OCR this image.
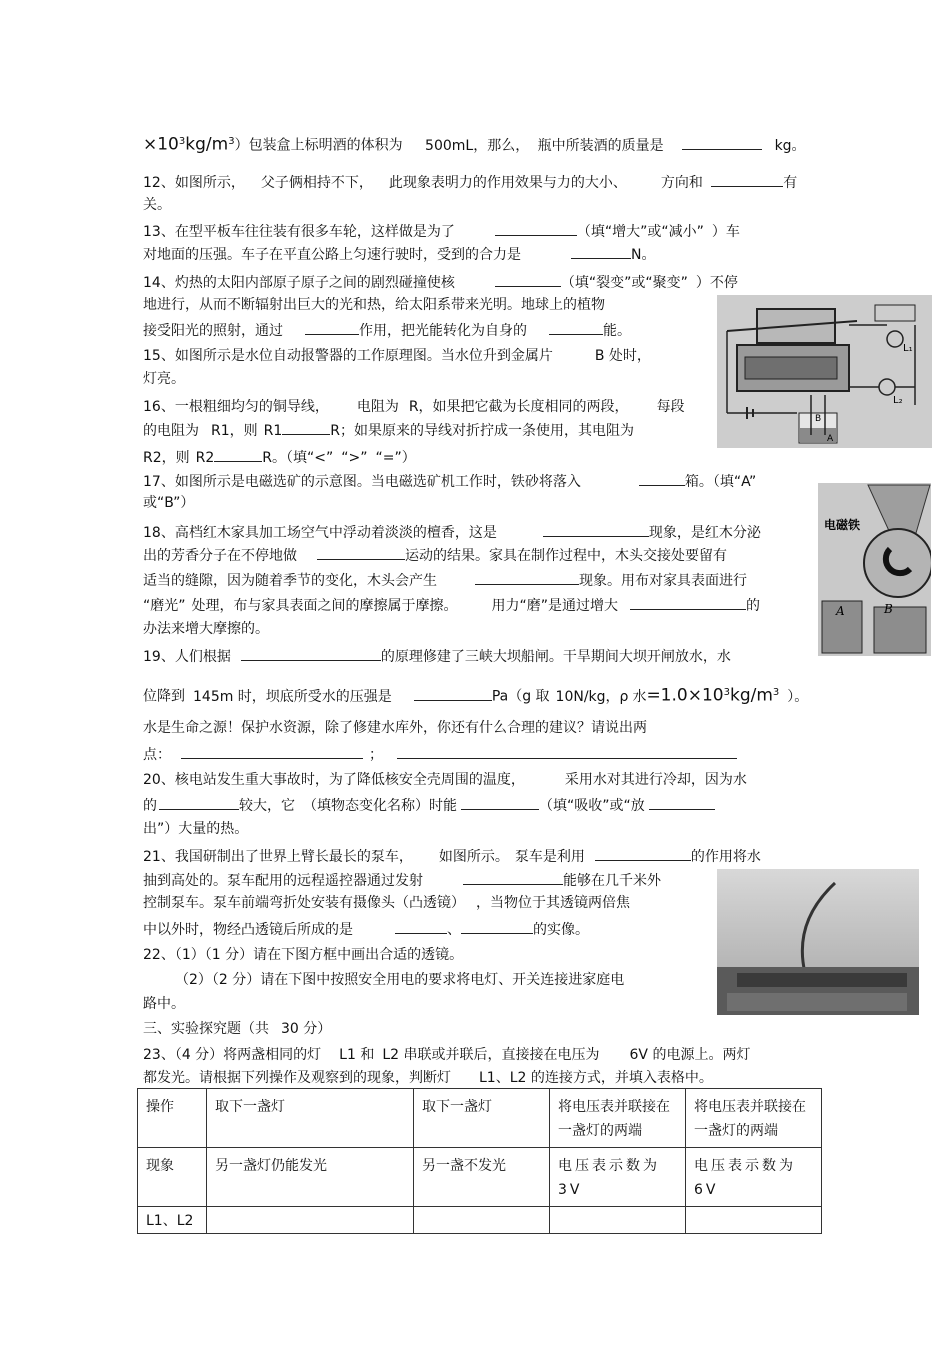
$\times 10^3kg/m^3$）包装盒上标明酒的体积为 500mL，那么， 瓶中所装酒的质量是	kg。
12、如图所示， 父子俩相持不下， 此现象表明力的作用效果与力的大小、 方向和	有
关。
13、在型平板车往往装有很多车轮，这样做是为了	（填“增大”或“减小” ）车
对地面的压强。车子在平直公路上匀速行驶时，受到的合力是	N。
14、灼热的太阳内部原子原子之间的剧烈碰撞使核	（填“裂变”或“聚变” ）不停
地进行，从而不断辐射出巨大的光和热，给太阳系带来光明。地球上的植物
接受阳光的照射，通过	作用，把光能转化为自身的	能。
15、如图所示是水位自动报警器的工作原理图。当水位升到金属片	B 处时，
灯亮。
16、一根粗细均匀的铜导线， 电阻为 R，如果把它截为长度相同的两段， 每段
的电阻为 R1，则 R1	R；如果原来的导线对折拧成一条使用，其电阻为
R2，则 R2	R。（填“<” “>” “=”）
17、如图所示是电磁选矿的示意图。当电磁选矿机工作时，铁砂将落入	箱。（填“A”
或“B”）
18、高档红木家具加工场空气中浮动着淡淡的檀香，这是	现象，是红木分泌
出的芳香分子在不停地做	运动的结果。家具在制作过程中，木头交接处要留有
适当的缝隙，因为随着季节的变化，木头会产生	现象。用布对家具表面进行
“磨光” 处理，布与家具表面之间的摩擦属于摩擦。 用力“磨”是通过增大	的
办法来增大摩擦的。
19、人们根据	的原理修建了三峡大坝船闸。干旱期间大坝开闸放水，水
位降到 145m 时，坝底所受水的压强是	Pa（g 取 10N/kg，ρ 水$=1.0\times 10^3kg/m^3$ ）。
水是生命之源！保护水资源，除了修建水库外，你还有什么合理的建议？请说出两
点：	；
20、核电站发生重大事故时，为了降低核安全壳周围的温度，	采用水对其进行冷却，因为水
的	较大，它 （填物态变化名称）时能	（填“吸收”或“放
出”）大量的热。
21、我国研制出了世界上臂长最长的泵车， 如图所示。 泵车是利用	的作用将水
抽到高处的。泵车配用的远程遥控器通过发射	能够在几千米外
控制泵车。泵车前端弯折处安装有摄像头（凸透镜） ，当物位于其透镜两倍焦
中以外时，物经凸透镜后所成的是	、	的实像。
22、（1）（1 分）请在下图方框中画出合适的透镜。
（2）（2 分）请在下图中按照安全用电的要求将电灯、开关连接进家庭电
路中。
三、实验探究题（共 30 分）
23、（4 分）将两盏相同的灯 L1 和 L2 串联或并联后，直接接在电压为 6V 的电源上。两灯
都发光。请根据下列操作及观察到的现象，判断灯 L1、L2 的连接方式，并填入表格中。
操作	取下一盏灯	取下一盏灯	将电压表并联接在一盏灯的两端	将电压表并联接在一盏灯的两端
现象	另一盏灯仍能发光	另一盏不发光	电压表示数为3V	电压表示数为6V
L1、L2				
L₁
L₂
B
A
电磁铁
A	B
